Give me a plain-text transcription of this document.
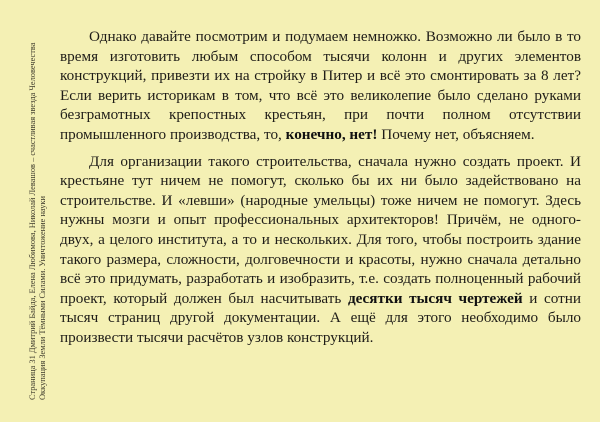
Страница 31 Дмитрий Байда, Елена Любимова, Николай Левашов – счастливая звезда Человечества Оккупация Земли Тёмными Силами. Уничтожение науки

Однако давайте посмотрим и подумаем немножко. Возможно ли было в то время изготовить любым способом тысячи колонн и других элементов конструкций, привезти их на стройку в Питер и всё это смонтировать за 8 лет? Если верить историкам в том, что всё это великолепие было сделано руками безграмотных крепостных крестьян, при почти полном отсутствии промышленного производства, то, конечно, нет! Почему нет, объясняем.

Для организации такого строительства, сначала нужно создать проект. И крестьяне тут ничем не помогут, сколько бы их ни было задействовано на строительстве. И «левши» (народные умельцы) тоже ничем не помогут. Здесь нужны мозги и опыт профессиональных архитекторов! Причём, не одного-двух, а целого института, а то и нескольких. Для того, чтобы построить здание такого размера, сложности, долговечности и красоты, нужно сначала детально всё это придумать, разработать и изобразить, т.е. создать полноценный рабочий проект, который должен был насчитывать десятки тысяч чертежей и сотни тысяч страниц другой документации. А ещё для этого необходимо было произвести тысячи расчётов узлов конструкций.
